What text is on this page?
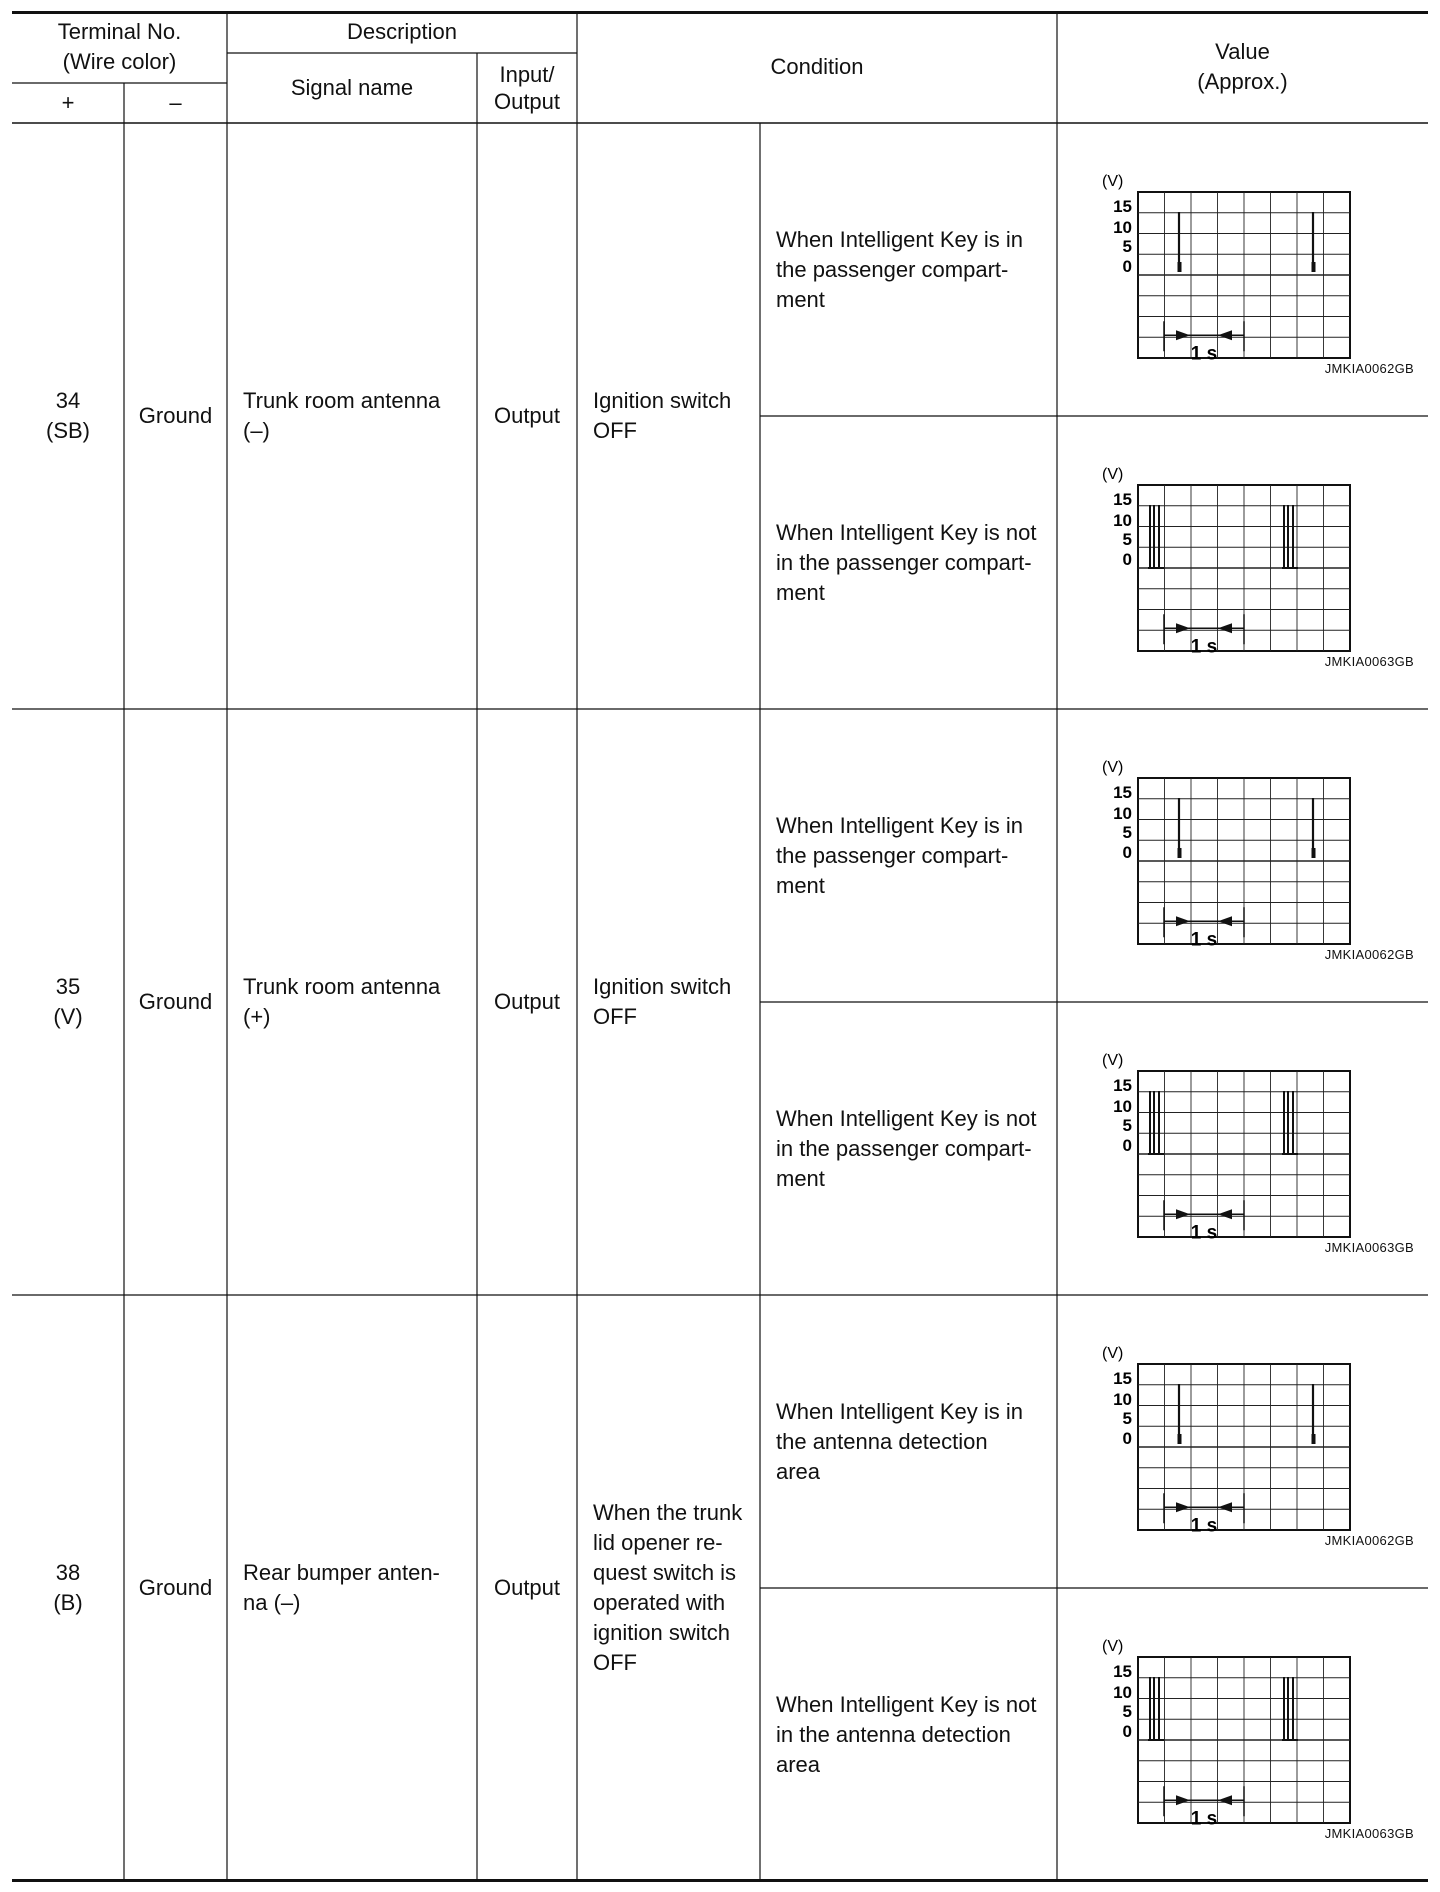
Terminal No.
(Wire color)
+	–
Description
Signal name
Input/
Output
Condition
Value
(Approx.)
34
(SB)
Ground
Trunk room antenna
(–)
Output
Ignition switch
OFF
When Intelligent Key is in
the passenger compart-
ment
When Intelligent Key is not
in the passenger compart-
ment
(V)
15
10
5
0
1 s
(V)
15
10
5
0
1 s
JMKIA0062GB
JMKIA0063GB
35
(V)
Ground
Trunk room antenna
(+)
Output
Ignition switch
OFF
When Intelligent Key is in
the passenger compart-
ment
When Intelligent Key is not
in the passenger compart-
ment
(V)
15
10
5
0
1 s
(V)
15
10
5
0
1 s
JMKIA0062GB
JMKIA0063GB
38
(B)
Ground
Rear bumper anten-
na (–)
Output
When the trunk
lid opener re-
quest switch is
operated with
ignition switch
OFF
When Intelligent Key is in
the antenna detection
area
When Intelligent Key is not
in the antenna detection
area
(V)
15
10
5
0
1 s
(V)
15
10
5
0
1 s
JMKIA0062GB
JMKIA0063GB
